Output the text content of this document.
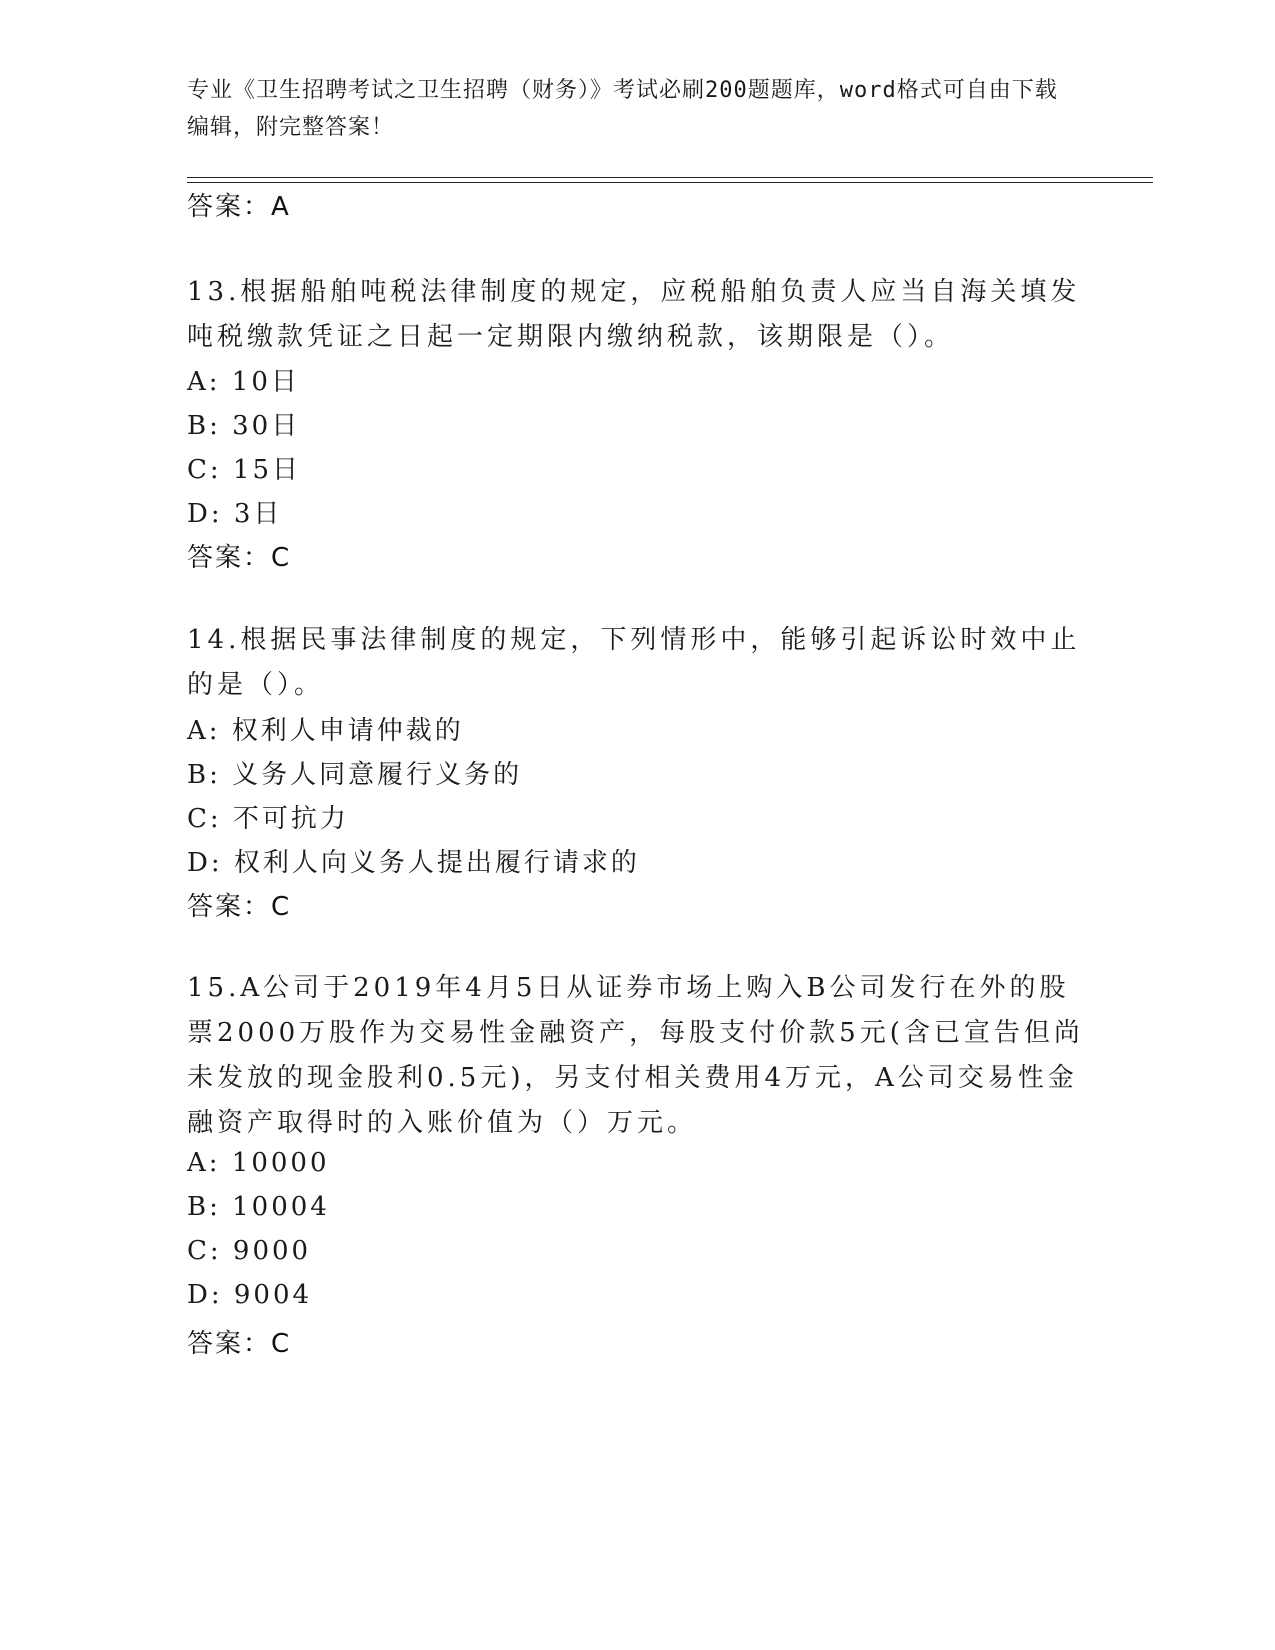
专业《卫生招聘考试之卫生招聘（财务）》考试必刷200题题库，word格式可自由下载编辑，附完整答案！
答案：A
13.根据船舶吨税法律制度的规定，应税船舶负责人应当自海关填发吨税缴款凭证之日起一定期限内缴纳税款，该期限是（）。
A: 10日
B: 30日
C: 15日
D: 3日
答案：C
14.根据民事法律制度的规定，下列情形中，能够引起诉讼时效中止的是（）。
A: 权利人申请仲裁的
B: 义务人同意履行义务的
C: 不可抗力
D: 权利人向义务人提出履行请求的
答案：C
15.A公司于2019年4月5日从证券市场上购入B公司发行在外的股票2000万股作为交易性金融资产，每股支付价款5元(含已宣告但尚未发放的现金股利0.5元)，另支付相关费用4万元，A公司交易性金融资产取得时的入账价值为（）万元。
A: 10000
B: 10004
C: 9000
D: 9004
答案：C
